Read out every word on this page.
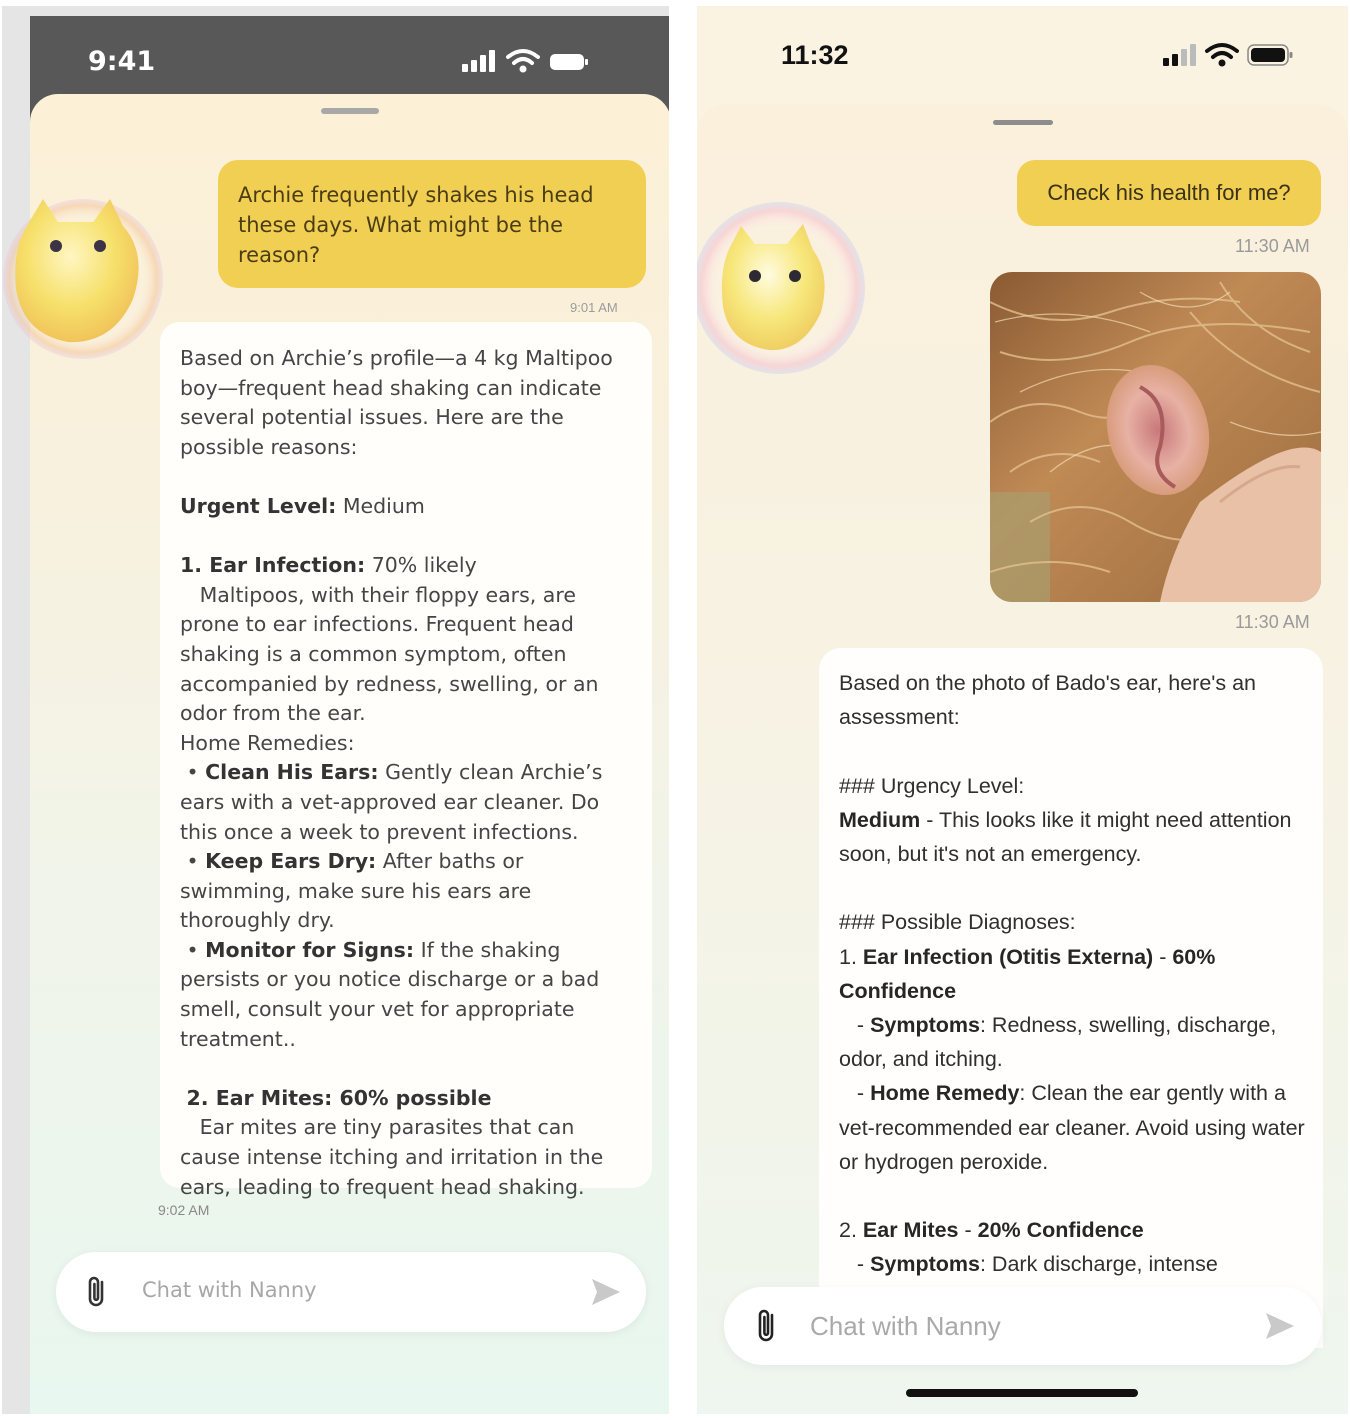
9:41
Archie frequently shakes his head these days. What might be the reason?
9:01 AM
Based on Archie’s profile—a 4 kg Maltipoo boy—frequent head shaking can indicate several potential issues. Here are the possible reasons:
Urgent Level: Medium
1. Ear Infection: 70% likely
Maltipoos, with their floppy ears, are prone to ear infections. Frequent head shaking is a common symptom, often accompanied by redness, swelling, or an odor from the ear.
Home Remedies:
• Clean His Ears: Gently clean Archie’s ears with a vet-approved ear cleaner. Do this once a week to prevent infections.
• Keep Ears Dry: After baths or swimming, make sure his ears are thoroughly dry.
• Monitor for Signs: If the shaking persists or you notice discharge or a bad smell, consult your vet for appropriate treatment..
2. Ear Mites: 60% possible
Ear mites are tiny parasites that can cause intense itching and irritation in the ears, leading to frequent head shaking.
9:02 AM
Chat with Nanny
11:32
Check his health for me?
11:30 AM
11:30 AM
Based on the photo of Bado's ear, here's an assessment:
### Urgency Level:
Medium - This looks like it might need attention soon, but it's not an emergency.
### Possible Diagnoses:
1. Ear Infection (Otitis Externa) - 60% Confidence
- Symptoms: Redness, swelling, discharge, odor, and itching.
- Home Remedy: Clean the ear gently with a vet-recommended ear cleaner. Avoid using water or hydrogen peroxide.
2. Ear Mites - 20% Confidence
- Symptoms: Dark discharge, intense
Chat with Nanny
